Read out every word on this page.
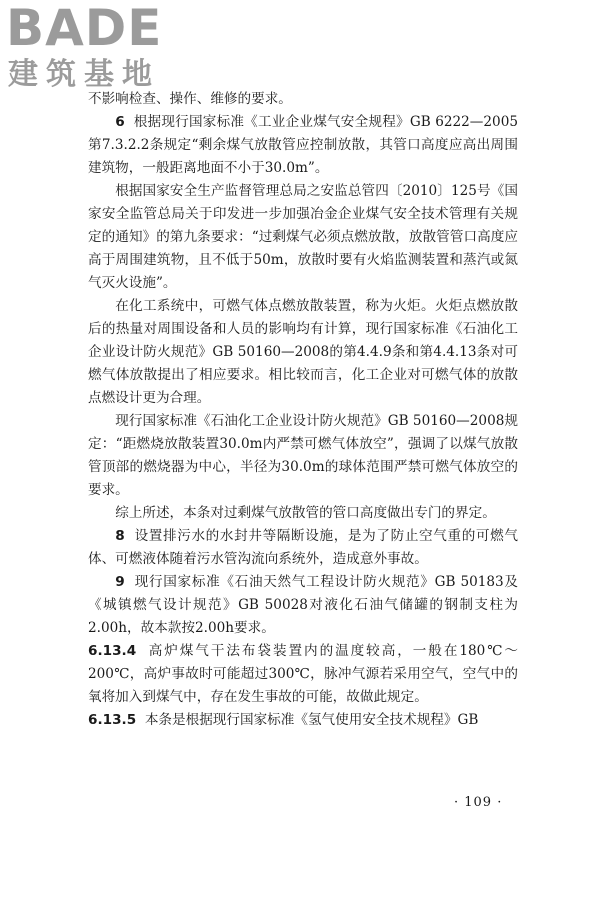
BADE
建筑基地

不影响检查、操作、维修的要求。

6 根据现行国家标准《工业企业煤气安全规程》GB 6222—2005第7.3.2.2条规定“剩余煤气放散管应控制放散，其管口高度应高出周围建筑物，一般距离地面不小于30.0m”。

根据国家安全生产监督管理总局之安监总管四〔2010〕125号《国家安全监管总局关于印发进一步加强冶金企业煤气安全技术管理有关规定的通知》的第九条要求：“过剩煤气必须点燃放散，放散管管口高度应高于周围建筑物，且不低于50m，放散时要有火焰监测装置和蒸汽或氮气灭火设施”。

在化工系统中，可燃气体点燃放散装置，称为火炬。火炬点燃放散后的热量对周围设备和人员的影响均有计算，现行国家标准《石油化工企业设计防火规范》GB 50160—2008的第4.4.9条和第4.4.13条对可燃气体放散提出了相应要求。相比较而言，化工企业对可燃气体的放散点燃设计更为合理。

现行国家标准《石油化工企业设计防火规范》GB 50160—2008规定：“距燃烧放散装置30.0m内严禁可燃气体放空”，强调了以煤气放散管顶部的燃烧器为中心，半径为30.0m的球体范围严禁可燃气体放空的要求。

综上所述，本条对过剩煤气放散管的管口高度做出专门的界定。

8 设置排污水的水封井等隔断设施，是为了防止空气重的可燃气体、可燃液体随着污水管沟流向系统外，造成意外事故。

9 现行国家标准《石油天然气工程设计防火规范》GB 50183及《城镇燃气设计规范》GB 50028对液化石油气储罐的钢制支柱为2.00h，故本款按2.00h要求。

6.13.4 高炉煤气干法布袋装置内的温度较高，一般在180℃～200℃，高炉事故时可能超过300℃，脉冲气源若采用空气，空气中的氧将加入到煤气中，存在发生事故的可能，故做此规定。

6.13.5 本条是根据现行国家标准《氢气使用安全技术规程》GB

· 109 ·
